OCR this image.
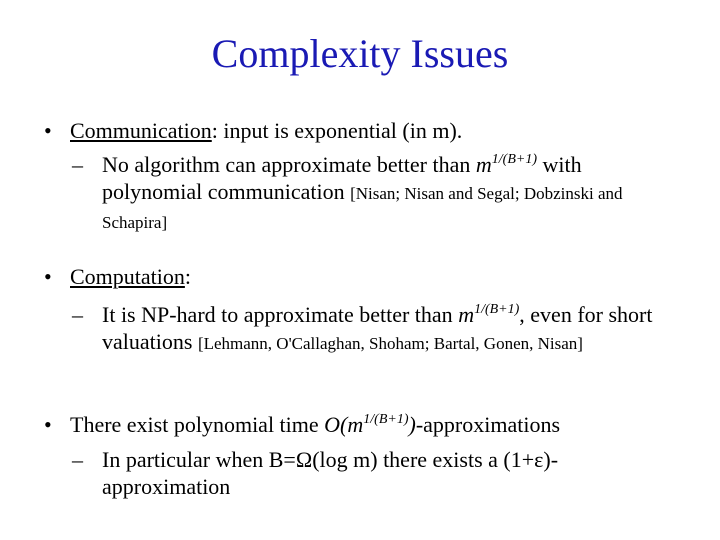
Complexity Issues
• Communication: input is exponential (in m).
– No algorithm can approximate better than $m^{1/(B+1)}$ with polynomial communication [Nisan; Nisan and Segal; Dobzinski and Schapira]
• Computation:
– It is NP-hard to approximate better than $m^{1/(B+1)}$, even for short valuations [Lehmann, O'Callaghan, Shoham; Bartal, Gonen, Nisan]
• There exist polynomial time $O(m^{1/(B+1)})$-approximations
– In particular when B=Ω(log m) there exists a (1+ε)-approximation
